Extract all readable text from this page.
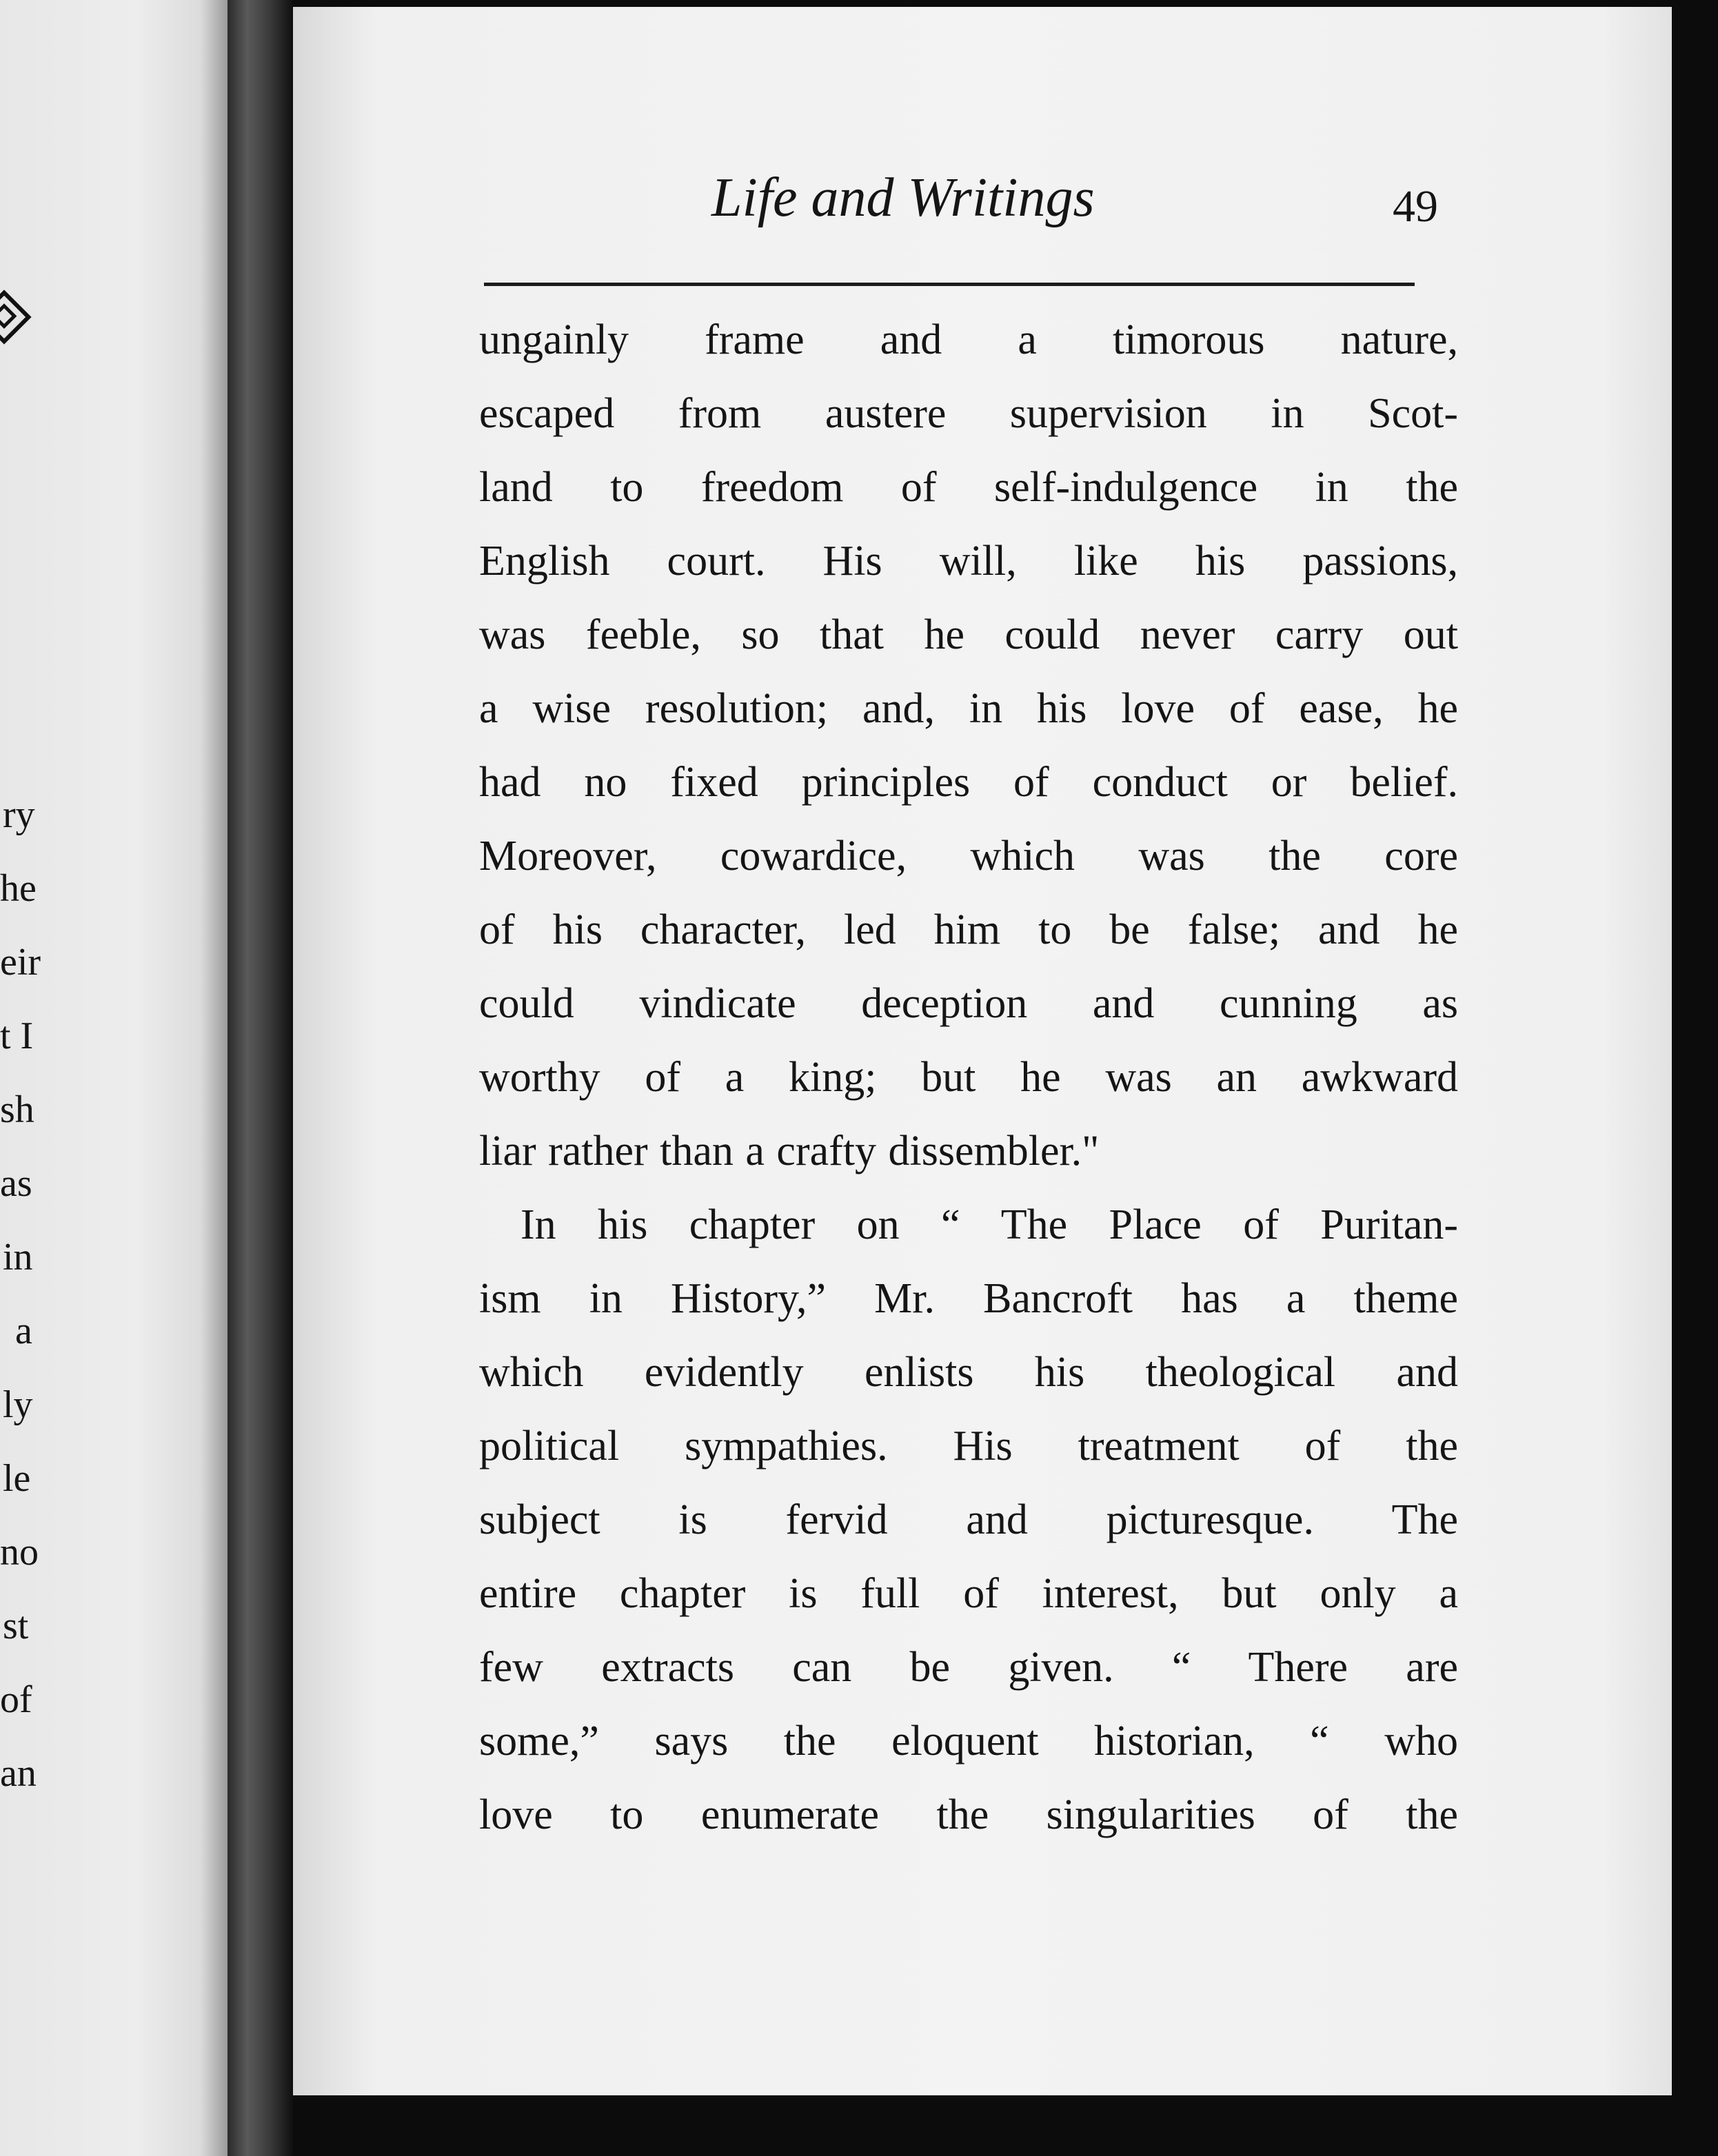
ry
he
eir
t I
sh
as
in
a
ly
le
no
st
of
an
Life and Writings	49
ungainly frame and a timorous nature,
escaped from austere supervision in Scot-
land to freedom of self-indulgence in the
English court. His will, like his passions,
was feeble, so that he could never carry out
a wise resolution; and, in his love of ease, he
had no fixed principles of conduct or belief.
Moreover, cowardice, which was the core
of his character, led him to be false; and he
could vindicate deception and cunning as
worthy of a king; but he was an awkward
liar rather than a crafty dissembler."
In his chapter on “ The Place of Puritan-
ism in History,” Mr. Bancroft has a theme
which evidently enlists his theological and
political sympathies. His treatment of the
subject is fervid and picturesque. The
entire chapter is full of interest, but only a
few extracts can be given. “ There are
some,” says the eloquent historian, “ who
love to enumerate the singularities of the
